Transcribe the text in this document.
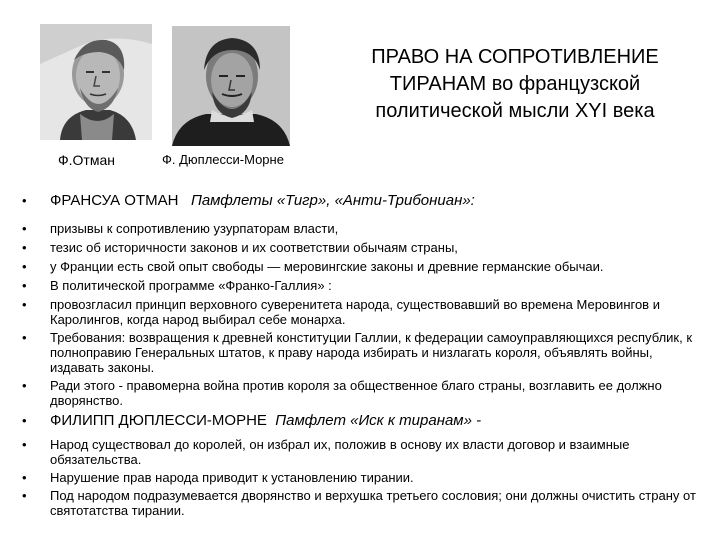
Ф.Отман	Ф. Дюплесси-Морне
ПРАВО НА СОПРОТИВЛЕНИЕ ТИРАНАМ во французской политической мысли XYI века
• ФРАНСУА ОТМАН Памфлеты «Тигр», «Анти-Трибониан»:
• призывы к сопротивлению узурпаторам власти,
• тезис об историчности законов и их соответствии обычаям страны,
• у Франции есть свой опыт свободы — меровингские законы и древние германские обычаи.
• В политической программе «Франко-Галлия» :
• провозгласил принцип верховного суверенитета народа, существовавший во времена Меровингов и Каролингов, когда народ выбирал себе монарха.
• Требования: возвращения к древней конституции Галлии, к федерации самоуправляющихся республик, к полноправию Генеральных штатов, к праву народа избирать и низлагать короля, объявлять войны, издавать законы.
• Ради этого - правомерна война против короля за общественное благо страны, возглавить ее должно дворянство.
• ФИЛИПП ДЮПЛЕССИ-МОРНЕ Памфлет «Иск к тиранам» -
• Народ существовал до королей, он избрал их, положив в основу их власти договор и взаимные обязательства.
• Нарушение прав народа приводит к установлению тирании.
• Под народом подразумевается дворянство и верхушка третьего сословия; они должны очистить страну от святотатства тирании.
